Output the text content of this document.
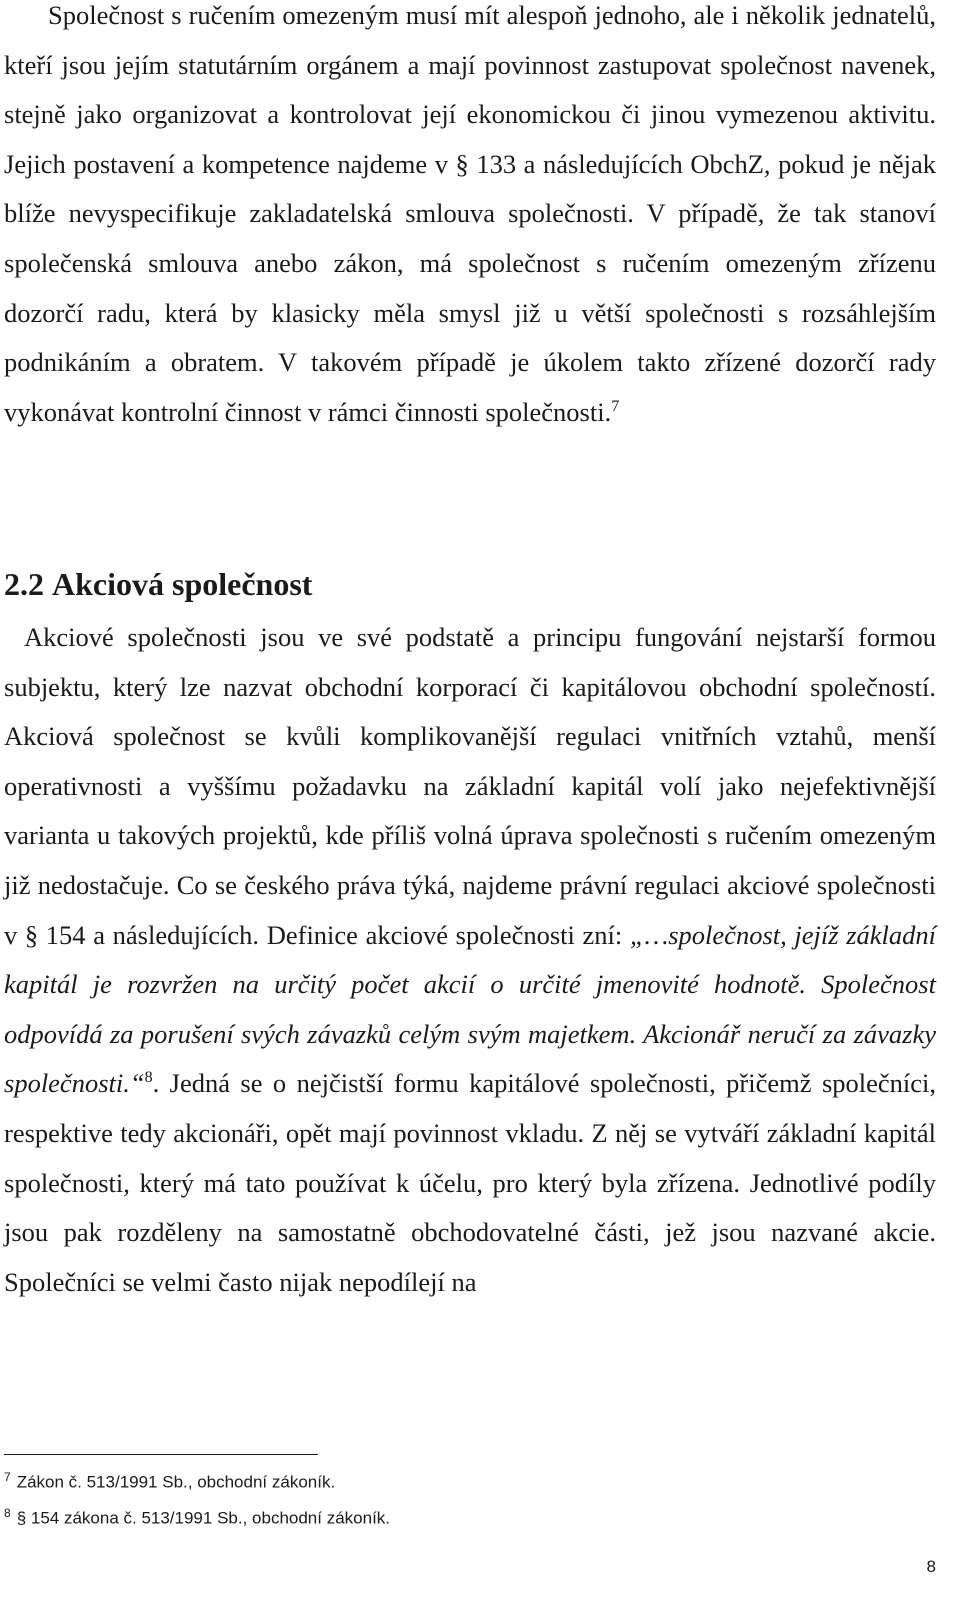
Společnost s ručením omezeným musí mít alespoň jednoho, ale i několik jednatelů, kteří jsou jejím statutárním orgánem a mají povinnost zastupovat společnost navenek, stejně jako organizovat a kontrolovat její ekonomickou či jinou vymezenou aktivitu. Jejich postavení a kompetence najdeme v § 133 a následujících ObchZ, pokud je nějak blíže nevyspecifikuje zakladatelská smlouva společnosti. V případě, že tak stanoví společenská smlouva anebo zákon, má společnost s ručením omezeným zřízenu dozorčí radu, která by klasicky měla smysl již u větší společnosti s rozsáhlejším podnikáním a obratem. V takovém případě je úkolem takto zřízené dozorčí rady vykonávat kontrolní činnost v rámci činnosti společnosti.$^7$

2.2 Akciová společnost

Akciové společnosti jsou ve své podstatě a principu fungování nejstarší formou subjektu, který lze nazvat obchodní korporací či kapitálovou obchodní společností. Akciová společnost se kvůli komplikovanější regulaci vnitřních vztahů, menší operativnosti a vyššímu požadavku na základní kapitál volí jako nejefektivnější varianta u takových projektů, kde příliš volná úprava společnosti s ručením omezeným již nedostačuje. Co se českého práva týká, najdeme právní regulaci akciové společnosti v § 154 a následujících. Definice akciové společnosti zní: „…společnost, jejíž základní kapitál je rozvržen na určitý počet akcií o určité jmenovité hodnotě. Společnost odpovídá za porušení svých závazků celým svým majetkem. Akcionář neručí za závazky společnosti.“$^8$. Jedná se o nejčistší formu kapitálové společnosti, přičemž společníci, respektive tedy akcionáři, opět mají povinnost vkladu. Z něj se vytváří základní kapitál společnosti, který má tato používat k účelu, pro který byla zřízena. Jednotlivé podíly jsou pak rozděleny na samostatně obchodovatelné části, jež jsou nazvané akcie. Společníci se velmi často nijak nepodílejí na

$^7$ Zákon č. 513/1991 Sb., obchodní zákoník.

$^8$ § 154 zákona č. 513/1991 Sb., obchodní zákoník.

8
